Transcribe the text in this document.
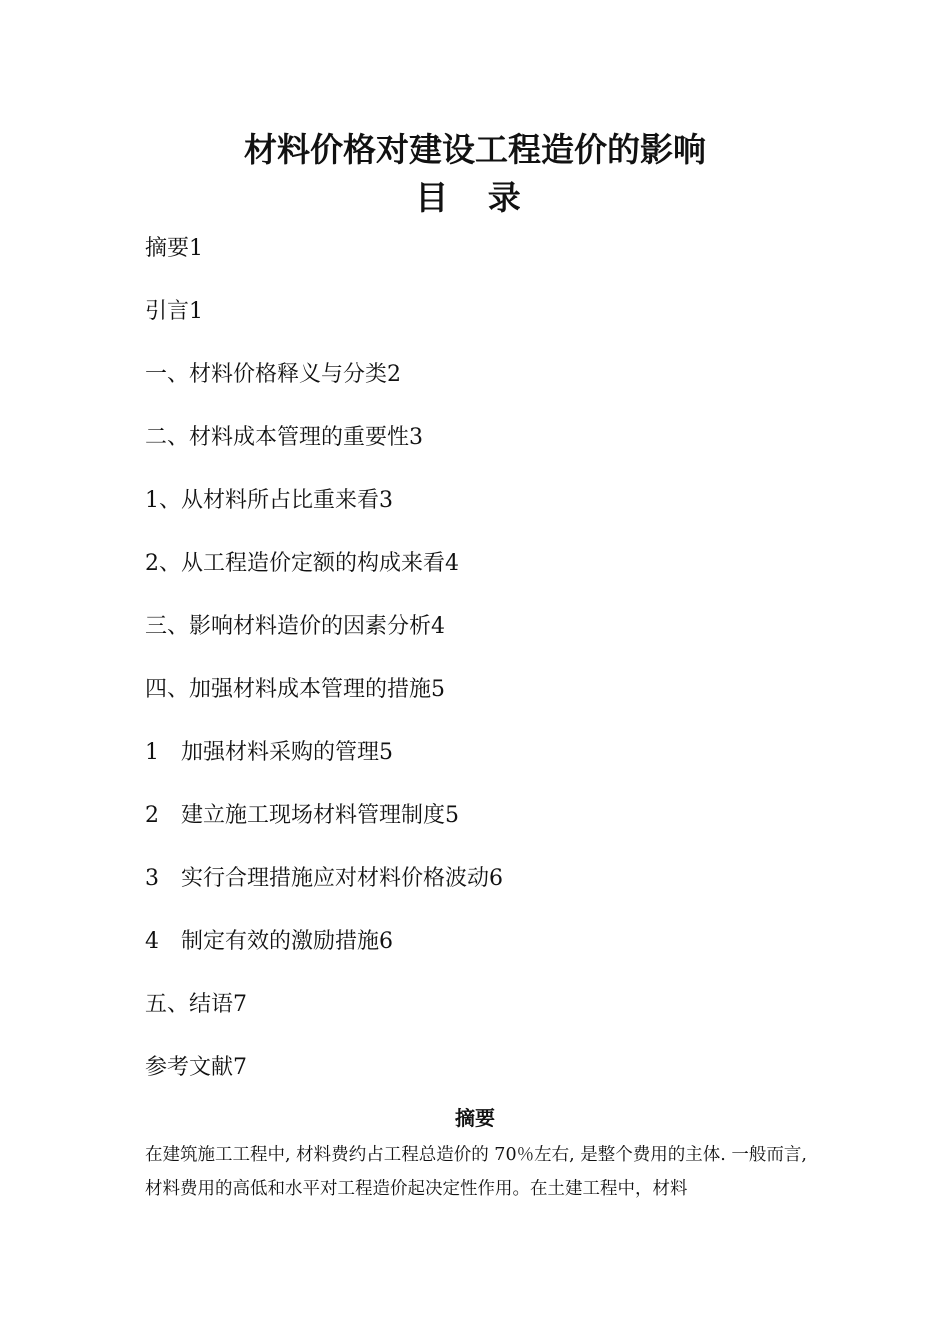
材料价格对建设工程造价的影响
目 录
摘要1
引言1
一、材料价格释义与分类2
二、材料成本管理的重要性3
1、从材料所占比重来看3
2、从工程造价定额的构成来看4
三、影响材料造价的因素分析4
四、加强材料成本管理的措施5
1 加强材料采购的管理5
2 建立施工现场材料管理制度5
3 实行合理措施应对材料价格波动6
4 制定有效的激励措施6
五、结语7
参考文献7
摘要

在建筑施工工程中, 材料费约占工程总造价的 70％左右, 是整个费用的主体. 一般而言, 材料费用的高低和水平对工程造价起决定性作用。在土建工程中，材料
